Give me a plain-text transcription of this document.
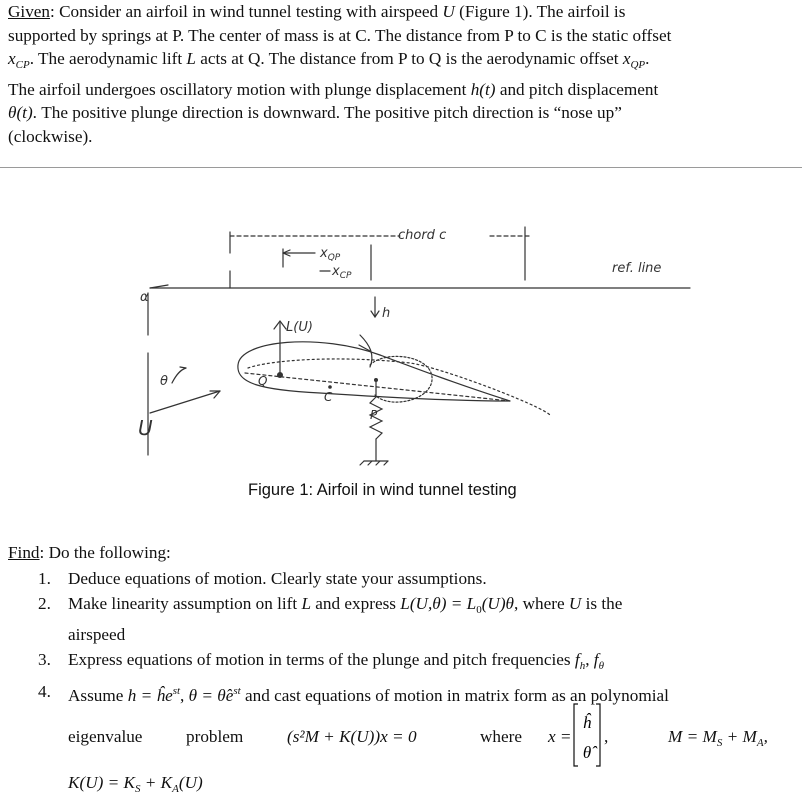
Given: Consider an airfoil in wind tunnel testing with airspeed U (Figure 1). The airfoil is
supported by springs at P. The center of mass is at C. The distance from P to C is the static offset
$x_{CP}$. The aerodynamic lift L acts at Q. The distance from P to Q is the aerodynamic offset $x_{QP}$.
The airfoil undergoes oscillatory motion with plunge displacement h(t) and pitch displacement
θ(t). The positive plunge direction is downward. The positive pitch direction is “nose up”
(clockwise).
chord c
ref. line
$x_{QP}$
$x_{CP}$
L(U)
h
α
θ
U
Q
C
P
Figure 1: Airfoil in wind tunnel testing
Find: Do the following:
1. Deduce equations of motion. Clearly state your assumptions.
2. Make linearity assumption on lift L and express $L(U,\theta) = L_0(U)\theta$, where U is the
airspeed
3. Express equations of motion in terms of the plunge and pitch frequencies $f_h$, $f_\theta$
4. Assume $h = ĥe^{st}$, $\theta = \thetâe^{st}$ and cast equations of motion in matrix form as an polynomial
eigenvalue	problem	(s²M + K(U))x = 0	where x =
ĥ
θ̂
,	$M = M_S + M_A$,
$K(U) = K_S + K_A(U)$
